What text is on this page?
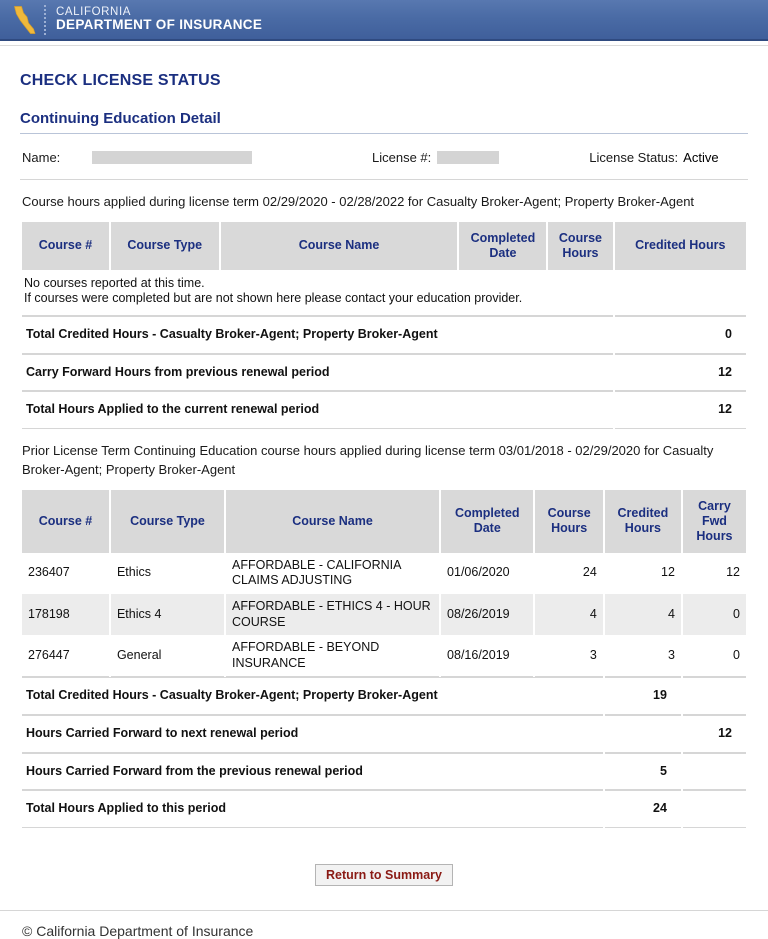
CALIFORNIA
DEPARTMENT OF INSURANCE
CHECK LICENSE STATUS
Continuing Education Detail
Name:	License #:	License Status: Active
Course hours applied during license term 02/29/2020 - 02/28/2022 for Casualty Broker-Agent; Property Broker-Agent
Course #	Course Type	Course Name	Completed Date	Course Hours	Credited Hours

No courses reported at this time.
If courses were completed but are not shown here please contact your education provider.					

Total Credited Hours - Casualty Broker-Agent; Property Broker-Agent					0
Carry Forward Hours from previous renewal period					12
Total Hours Applied to the current renewal period					12
Prior License Term Continuing Education course hours applied during license term 03/01/2018 - 02/29/2020 for Casualty Broker-Agent; Property Broker-Agent
Course #	Course Type	Course Name	Completed Date	Course Hours	Credited Hours	Carry Fwd Hours
236407	Ethics	AFFORDABLE - CALIFORNIA CLAIMS ADJUSTING	01/06/2020	24	12	12
178198	Ethics 4	AFFORDABLE - ETHICS 4 - HOUR COURSE	08/26/2019	4	4	0
276447	General	AFFORDABLE - BEYOND INSURANCE	08/16/2019	3	3	0
Total Credited Hours - Casualty Broker-Agent; Property Broker-Agent					19	
Hours Carried Forward to next renewal period						12
Hours Carried Forward from the previous renewal period					5	
Total Hours Applied to this period					24	
Return to Summary
© California Department of Insurance
